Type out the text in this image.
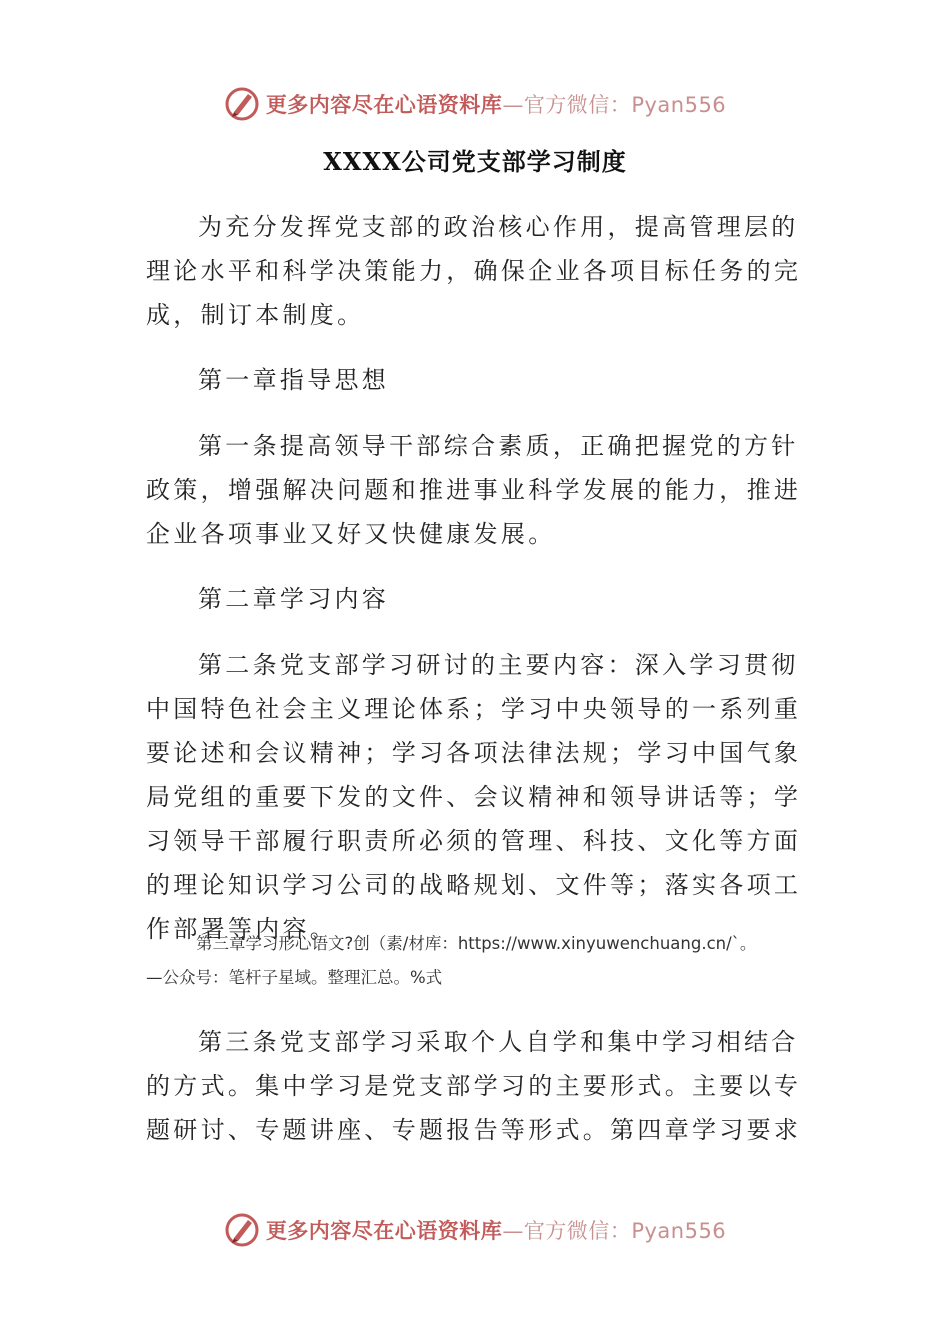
更多内容尽在心语资料库—官方微信：Pyan556
XXXX公司党支部学习制度

为充分发挥党支部的政治核心作用，提高管理层的理论水平和科学决策能力，确保企业各项目标任务的完成，制订本制度。

第一章指导思想

第一条提高领导干部综合素质，正确把握党的方针政策，增强解决问题和推进事业科学发展的能力，推进企业各项事业又好又快健康发展。

第二章学习内容

第二条党支部学习研讨的主要内容：深入学习贯彻中国特色社会主义理论体系；学习中央领导的一系列重要论述和会议精神；学习各项法律法规；学习中国气象局党组的重要下发的文件、会议精神和领导讲话等；学习领导干部履行职责所必须的管理、科技、文化等方面的理论知识学习公司的战略规划、文件等；落实各项工作部署等内容。

第三章学习形心语文?创（素/材库：https://www.xinyuwenchuang.cn/`。
—公众号：笔杆子星域。整理汇总。%式

第三条党支部学习采取个人自学和集中学习相结合的方式。集中学习是党支部学习的主要形式。主要以专题研讨、专题讲座、专题报告等形式。第四章学习要求

更多内容尽在心语资料库—官方微信：Pyan556
